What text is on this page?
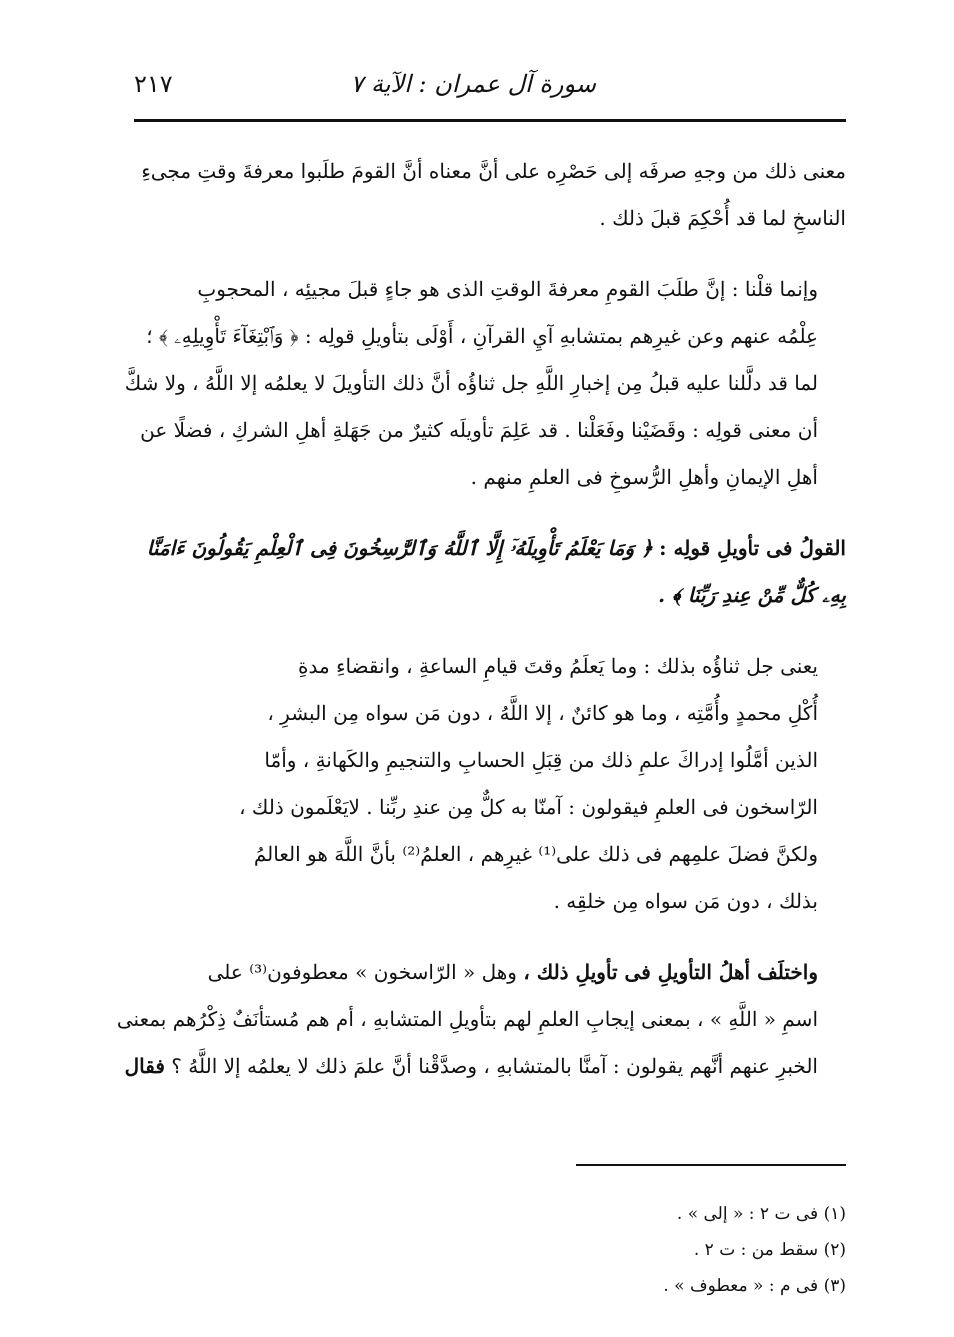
سورة آل عمران : الآية ٧
٢١٧

معنى ذلك من وجهِ صرفَه إلى حَصْرِه على أنَّ معناه أنَّ القومَ طلَبوا معرفةَ وقتِ مجىءِ
الناسخِ لما قد أُحْكِمَ قبلَ ذلك .

وإنما قلْنا : إنَّ طلَبَ القومِ معرفةَ الوقتِ الذى هو جاءٍ قبلَ مجيئِه ، المحجوبِ
عِلْمُه عنهم وعن غيرِهم بمتشابهِ آيِ القرآنِ ، أَوْلَى بتأويلِ قولِه : ﴿ وَٱبْتِغَآءَ تَأْوِيلِهِۦ ﴾ ؛
لما قد دلَّلنا عليه قبلُ مِن إخبارِ اللَّهِ جل ثناؤُه أنَّ ذلك التأويلَ لا يعلمُه إلا اللَّهُ ، ولا شكَّ
أن معنى قولِه : وقَضَيْنا وفَعَلْنا . قد عَلِمَ تأويلَه كثيرٌ من جَهَلةِ أهلِ الشركِ ، فضلًا عن
أهلِ الإيمانِ وأهلِ الرُّسوخِ فى العلمِ منهم .

القولُ فى تأويلِ قولِه : ﴿ وَمَا يَعْلَمُ تَأْوِيلَهُۥٓ إِلَّا ٱللَّهُ وَٱلرَّٰسِخُونَ فِى ٱلْعِلْمِ يَقُولُونَ ءَامَنَّا
بِهِۦ كُلٌّ مِّنْ عِندِ رَبِّنَا ﴾ .

يعنى جل ثناؤُه بذلك : وما يَعلَمُ وقتَ قيامِ الساعةِ ، وانقضاءِ مدةِ
أُكْلِ محمدٍ وأُمَّتِه ، وما هو كائنٌ ، إلا اللَّهُ ، دون مَن سواه مِن البشرِ ،
الذين أمَّلُوا إدراكَ علمِ ذلك من قِبَلِ الحسابِ والتنجيمِ والكَهانةِ ، وأمّا
الرّاسخون فى العلمِ فيقولون : آمنّا به كلٌّ مِن عندِ ربِّنا . لايَعْلَمون ذلك ،
ولكنَّ فضلَ علمِهم فى ذلك على⁽¹⁾ غيرِهم ، العلمُ⁽²⁾ بأنَّ اللَّهَ هو العالمُ
بذلك ، دون مَن سواه مِن خلقِه .

واختلَف أهلُ التأويلِ فى تأويلِ ذلك ، وهل « الرّاسخون » معطوفون⁽³⁾ على
اسمِ « اللَّهِ » ، بمعنى إيجابِ العلمِ لهم بتأويلِ المتشابهِ ، أم هم مُستأنَفٌ ذِكْرُهم بمعنى
الخبرِ عنهم أنَّهم يقولون : آمنَّا بالمتشابهِ ، وصدَّقْنا أنَّ علمَ ذلك لا يعلمُه إلا اللَّهُ ؟ فقال

(١) فى ت ٢ : « إلى » .
(٢) سقط من : ت ٢ .
(٣) فى م : « معطوف » .
